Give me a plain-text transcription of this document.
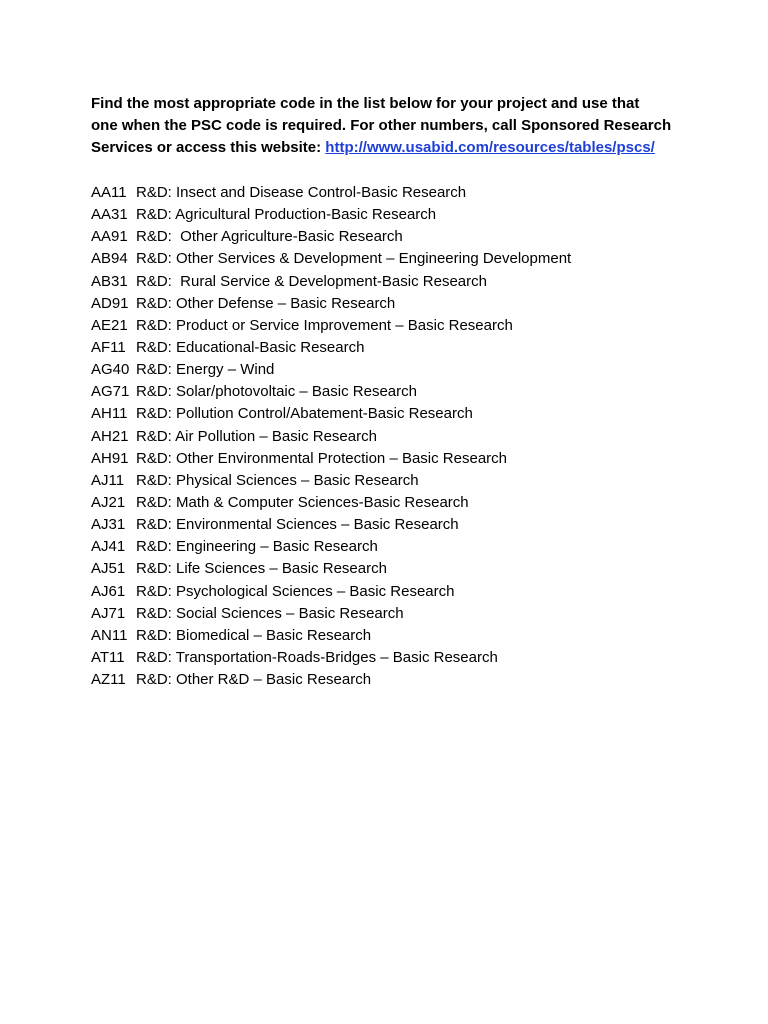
Find the most appropriate code in the list below for your project and use that
one when the PSC code is required. For other numbers, call Sponsored Research
Services or access this website: http://www.usabid.com/resources/tables/pscs/

AA11 R&D: Insect and Disease Control-Basic Research
AA31 R&D: Agricultural Production-Basic Research
AA91 R&D:  Other Agriculture-Basic Research
AB94 R&D: Other Services & Development – Engineering Development
AB31 R&D:  Rural Service & Development-Basic Research
AD91 R&D: Other Defense – Basic Research
AE21 R&D: Product or Service Improvement – Basic Research
AF11 R&D: Educational-Basic Research
AG40 R&D: Energy – Wind
AG71 R&D: Solar/photovoltaic – Basic Research
AH11 R&D: Pollution Control/Abatement-Basic Research
AH21 R&D: Air Pollution – Basic Research
AH91 R&D: Other Environmental Protection – Basic Research
AJ11 R&D: Physical Sciences – Basic Research
AJ21 R&D: Math & Computer Sciences-Basic Research
AJ31 R&D: Environmental Sciences – Basic Research
AJ41 R&D: Engineering – Basic Research
AJ51 R&D: Life Sciences – Basic Research
AJ61 R&D: Psychological Sciences – Basic Research
AJ71 R&D: Social Sciences – Basic Research
AN11 R&D: Biomedical – Basic Research
AT11 R&D: Transportation-Roads-Bridges – Basic Research
AZ11 R&D: Other R&D – Basic Research
